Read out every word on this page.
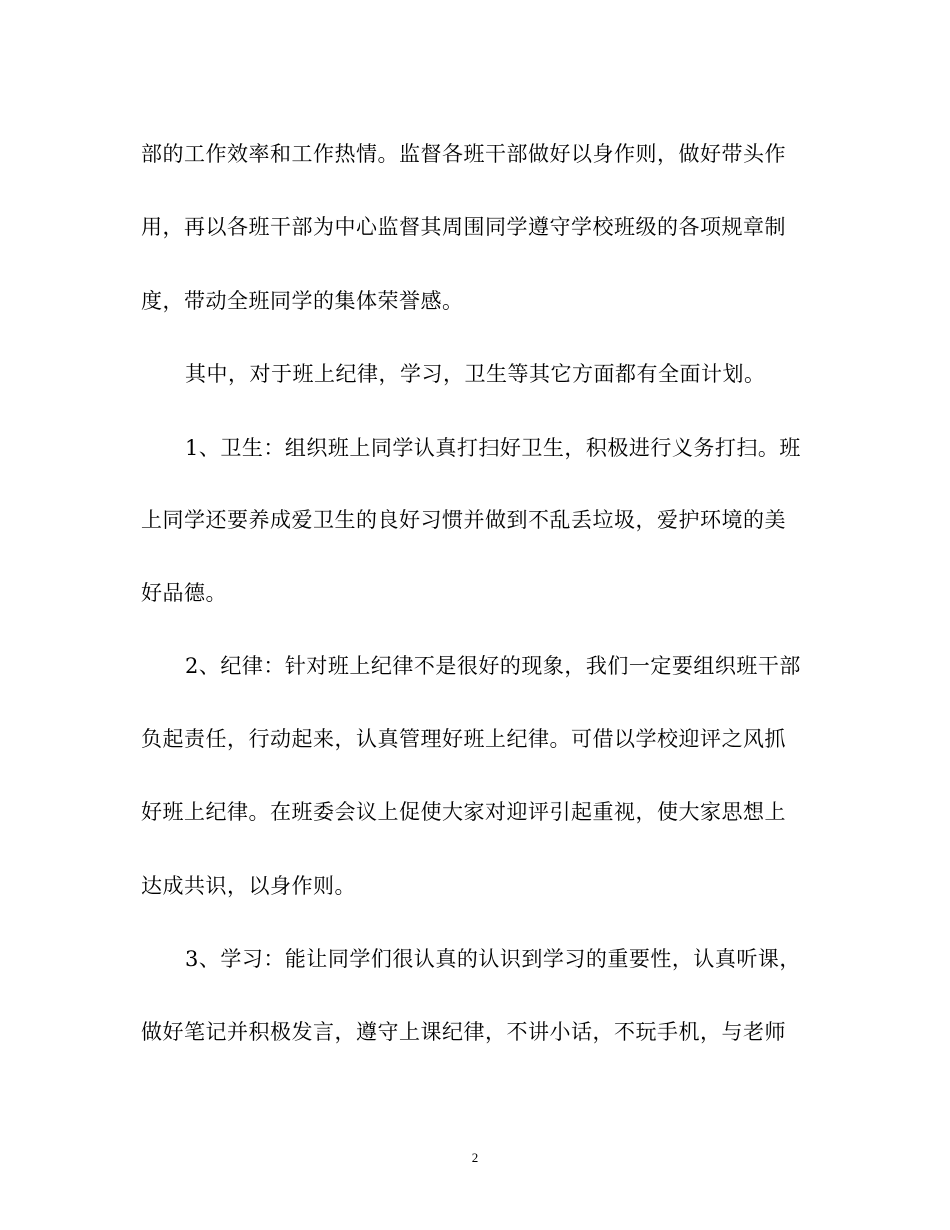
部的工作效率和工作热情。监督各班干部做好以身作则，做好带头作
用，再以各班干部为中心监督其周围同学遵守学校班级的各项规章制
度，带动全班同学的集体荣誉感。
其中，对于班上纪律，学习，卫生等其它方面都有全面计划。
1、卫生：组织班上同学认真打扫好卫生，积极进行义务打扫。班
上同学还要养成爱卫生的良好习惯并做到不乱丢垃圾，爱护环境的美
好品德。
2、纪律：针对班上纪律不是很好的现象，我们一定要组织班干部
负起责任，行动起来，认真管理好班上纪律。可借以学校迎评之风抓
好班上纪律。在班委会议上促使大家对迎评引起重视，使大家思想上
达成共识，以身作则。
3、学习：能让同学们很认真的认识到学习的重要性，认真听课，
做好笔记并积极发言，遵守上课纪律，不讲小话，不玩手机，与老师
2
